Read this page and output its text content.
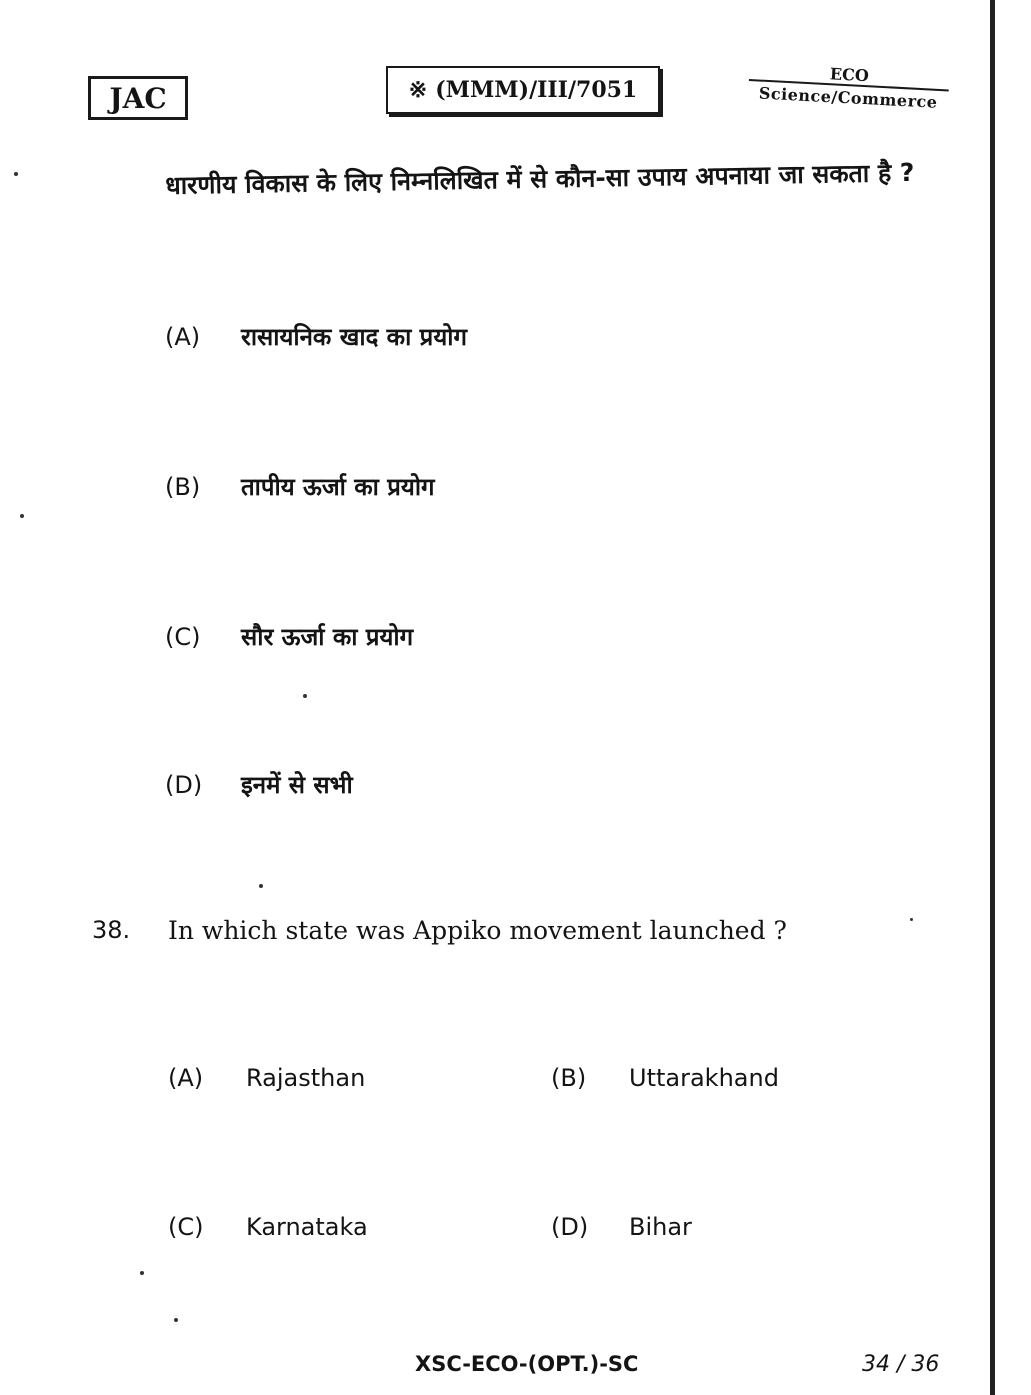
JAC	※ (MMM)/III/7051
ECO
Science/Commerce
धारणीय विकास के लिए निम्नलिखित में से कौन-सा उपाय अपनाया जा सकता है ?
(A) रासायनिक खाद का प्रयोग
(B) तापीय ऊर्जा का प्रयोग
(C) सौर ऊर्जा का प्रयोग
(D) इनमें से सभी
38. In which state was Appiko movement launched ?
(A) Rajasthan	(B) Uttarakhand
(C) Karnataka	(D) Bihar
XSC-ECO-(OPT.)-SC	34 / 36
